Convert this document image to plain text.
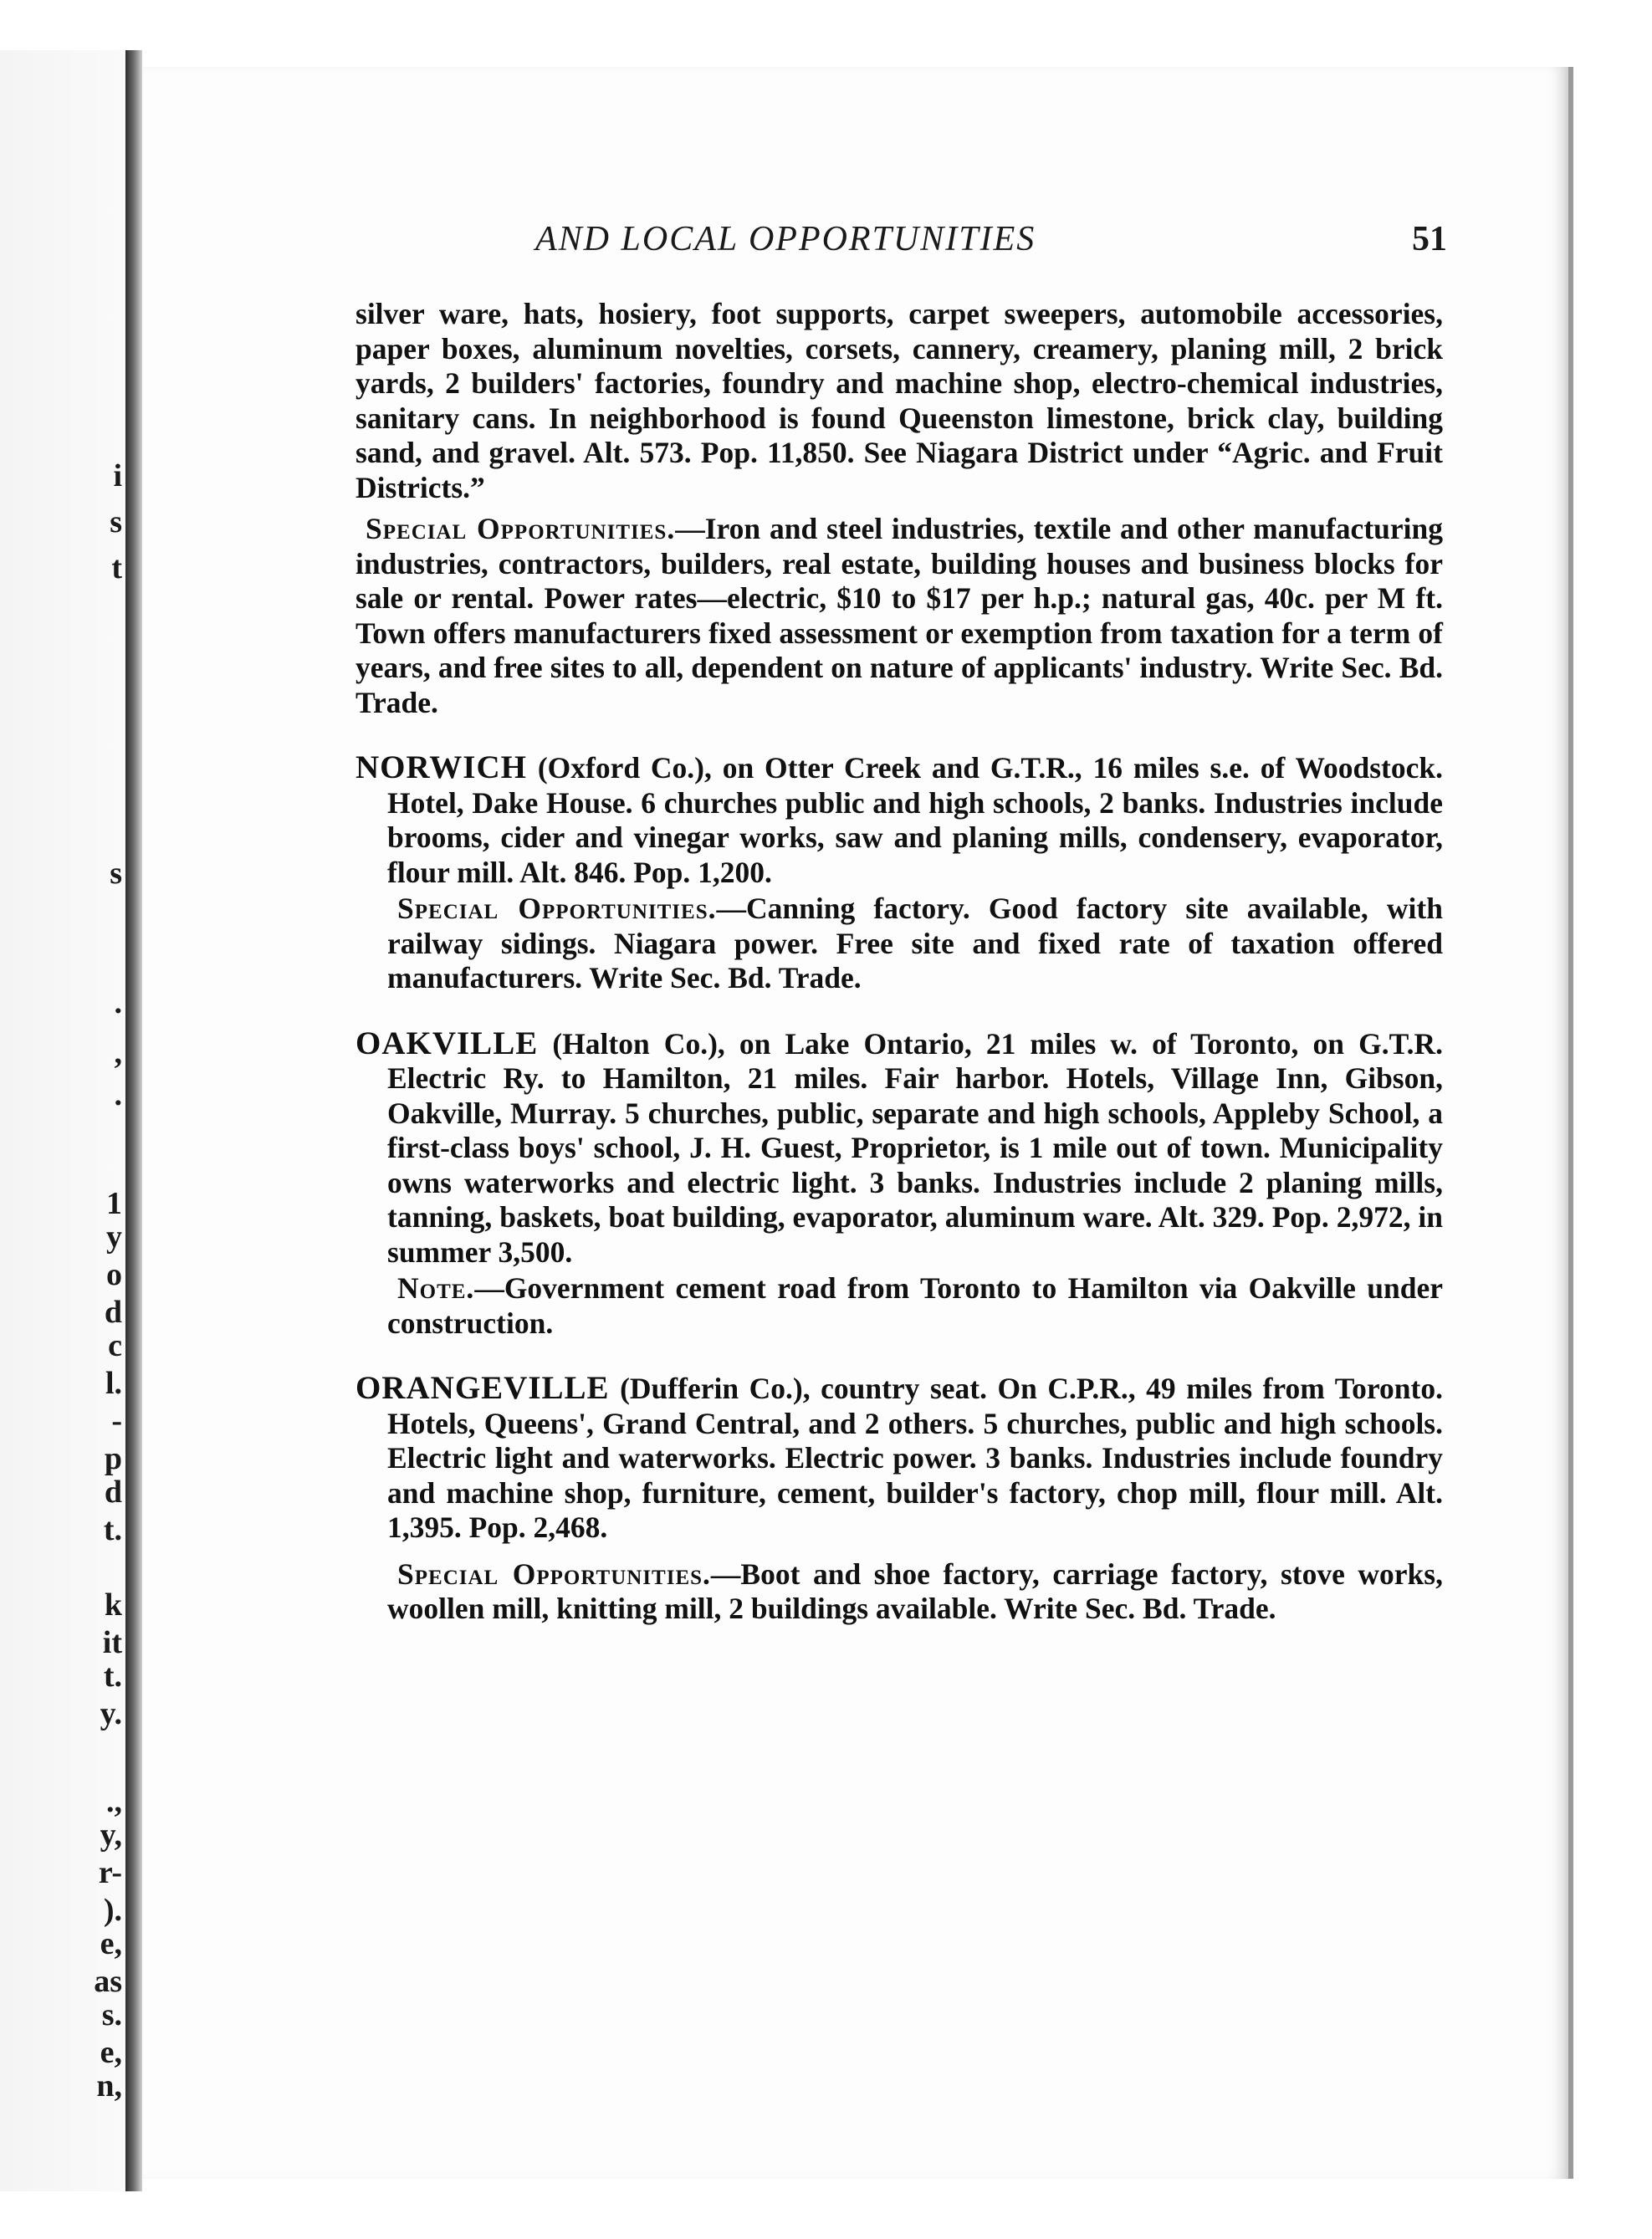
i
s
t
s
.
,
.
1
y
o
d
c
l.
-
p
d
t.
k
it
t.
y.
.,
y,
r-
).
e,
as
s.
e,
n,
AND LOCAL OPPORTUNITIES	51

silver ware, hats, hosiery, foot supports, carpet sweepers, automobile accessories, paper boxes, aluminum novelties, corsets, cannery, creamery, planing mill, 2 brick yards, 2 builders' factories, foundry and machine shop, electro-chemical industries, sanitary cans. In neighborhood is found Queenston limestone, brick clay, building sand, and gravel. Alt. 573. Pop. 11,850. See Niagara District under “Agric. and Fruit Districts.”

Special Opportunities.—Iron and steel industries, textile and other manufacturing industries, contractors, builders, real estate, building houses and business blocks for sale or rental. Power rates—electric, $10 to $17 per h.p.; natural gas, 40c. per M ft. Town offers manufacturers fixed assessment or exemption from taxation for a term of years, and free sites to all, dependent on nature of applicants' industry. Write Sec. Bd. Trade.

NORWICH (Oxford Co.), on Otter Creek and G.T.R., 16 miles s.e. of Woodstock. Hotel, Dake House. 6 churches public and high schools, 2 banks. Industries include brooms, cider and vinegar works, saw and planing mills, condensery, evaporator, flour mill. Alt. 846. Pop. 1,200.

Special Opportunities.—Canning factory. Good factory site available, with railway sidings. Niagara power. Free site and fixed rate of taxation offered manufacturers. Write Sec. Bd. Trade.

OAKVILLE (Halton Co.), on Lake Ontario, 21 miles w. of Toronto, on G.T.R. Electric Ry. to Hamilton, 21 miles. Fair harbor. Hotels, Village Inn, Gibson, Oakville, Murray. 5 churches, public, separate and high schools, Appleby School, a first-class boys' school, J. H. Guest, Proprietor, is 1 mile out of town. Municipality owns waterworks and electric light. 3 banks. Industries include 2 planing mills, tanning, baskets, boat building, evaporator, aluminum ware. Alt. 329. Pop. 2,972, in summer 3,500.

Note.—Government cement road from Toronto to Hamilton via Oakville under construction.

ORANGEVILLE (Dufferin Co.), country seat. On C.P.R., 49 miles from Toronto. Hotels, Queens', Grand Central, and 2 others. 5 churches, public and high schools. Electric light and waterworks. Electric power. 3 banks. Industries include foundry and machine shop, furniture, cement, builder's factory, chop mill, flour mill. Alt. 1,395. Pop. 2,468.

Special Opportunities.—Boot and shoe factory, carriage factory, stove works, woollen mill, knitting mill, 2 buildings available. Write Sec. Bd. Trade.
